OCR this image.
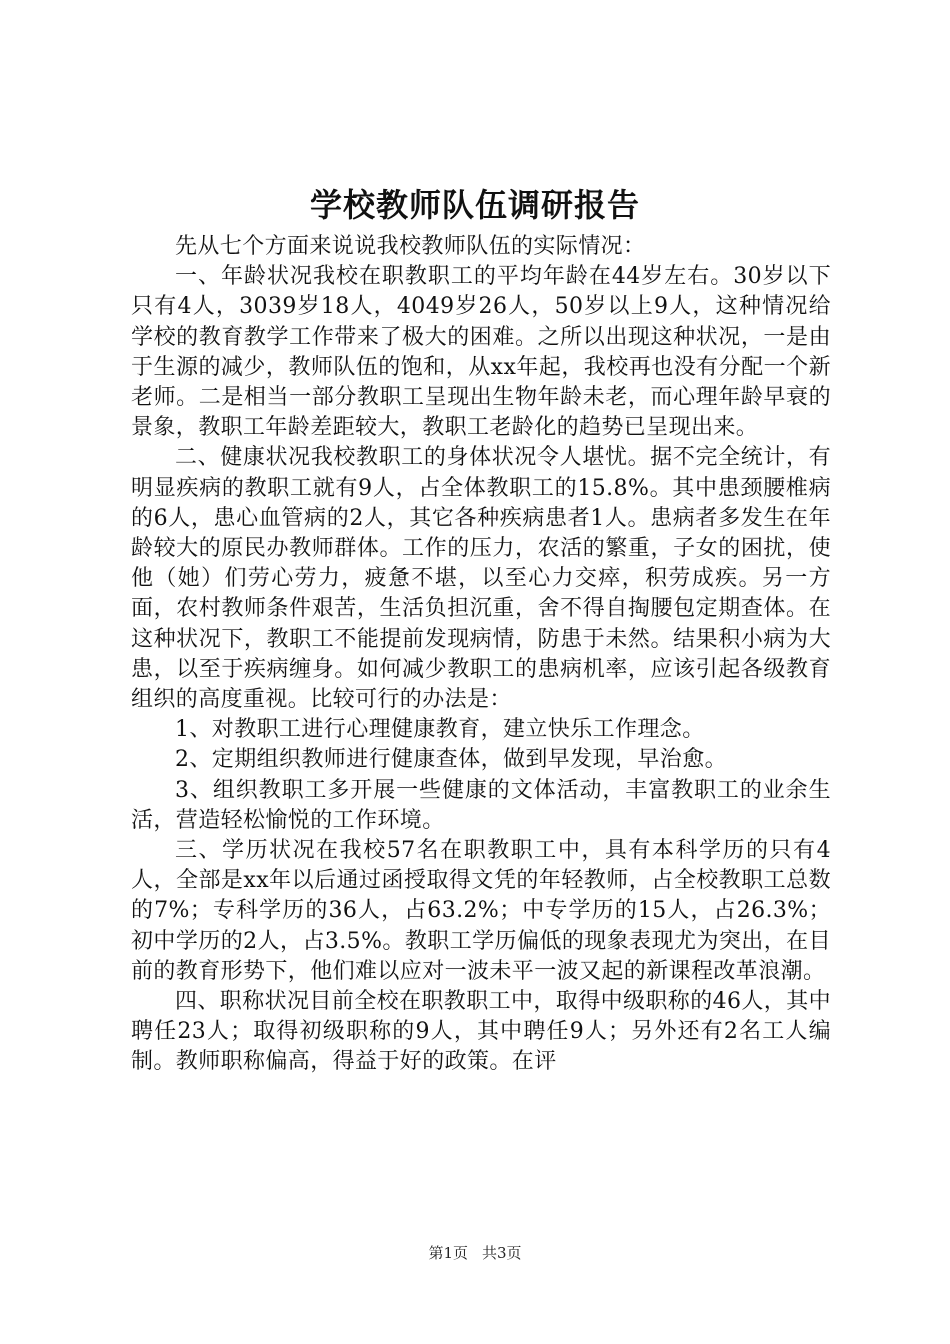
学校教师队伍调研报告

先从七个方面来说说我校教师队伍的实际情况：

一、年龄状况我校在职教职工的平均年龄在44岁左右。30岁以下只有4人，3039岁18人，4049岁26人，50岁以上9人，这种情况给学校的教育教学工作带来了极大的困难。之所以出现这种状况，一是由于生源的减少，教师队伍的饱和，从xx年起，我校再也没有分配一个新老师。二是相当一部分教职工呈现出生物年龄未老，而心理年龄早衰的景象，教职工年龄差距较大，教职工老龄化的趋势已呈现出来。

二、健康状况我校教职工的身体状况令人堪忧。据不完全统计，有明显疾病的教职工就有9人，占全体教职工的15.8%。其中患颈腰椎病的6人，患心血管病的2人，其它各种疾病患者1人。患病者多发生在年龄较大的原民办教师群体。工作的压力，农活的繁重，子女的困扰，使他（她）们劳心劳力，疲惫不堪，以至心力交瘁，积劳成疾。另一方面，农村教师条件艰苦，生活负担沉重，舍不得自掏腰包定期查体。在这种状况下，教职工不能提前发现病情，防患于未然。结果积小病为大患，以至于疾病缠身。如何减少教职工的患病机率，应该引起各级教育组织的高度重视。比较可行的办法是：

1、对教职工进行心理健康教育，建立快乐工作理念。

2、定期组织教师进行健康查体，做到早发现，早治愈。

3、组织教职工多开展一些健康的文体活动，丰富教职工的业余生活，营造轻松愉悦的工作环境。

三、学历状况在我校57名在职教职工中，具有本科学历的只有4人，全部是xx年以后通过函授取得文凭的年轻教师，占全校教职工总数的7%；专科学历的36人，占63.2%；中专学历的15人，占26.3%；初中学历的2人，占3.5%。教职工学历偏低的现象表现尤为突出，在目前的教育形势下，他们难以应对一波未平一波又起的新课程改革浪潮。

四、职称状况目前全校在职教职工中，取得中级职称的46人，其中聘任23人；取得初级职称的9人，其中聘任9人；另外还有2名工人编制。教师职称偏高，得益于好的政策。在评

第1页 共3页
